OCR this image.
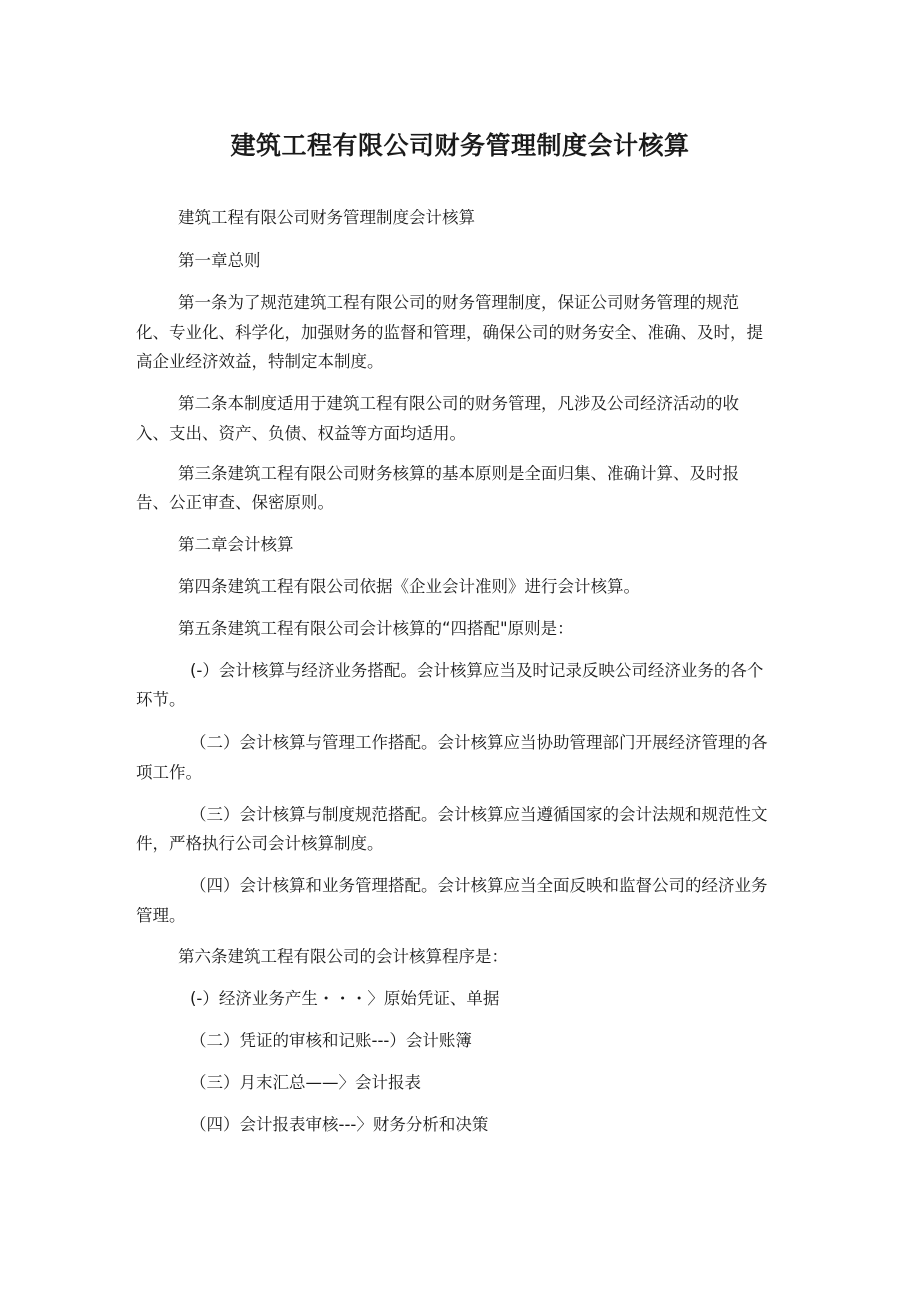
建筑工程有限公司财务管理制度会计核算
建筑工程有限公司财务管理制度会计核算
第一章总则
第一条为了规范建筑工程有限公司的财务管理制度，保证公司财务管理的规范
化、专业化、科学化，加强财务的监督和管理，确保公司的财务安全、准确、及时，提
高企业经济效益，特制定本制度。
第二条本制度适用于建筑工程有限公司的财务管理，凡涉及公司经济活动的收
入、支出、资产、负债、权益等方面均适用。
第三条建筑工程有限公司财务核算的基本原则是全面归集、准确计算、及时报
告、公正审查、保密原则。
第二章会计核算
第四条建筑工程有限公司依据《企业会计准则》进行会计核算。
第五条建筑工程有限公司会计核算的“四搭配"原则是：
(-）会计核算与经济业务搭配。会计核算应当及时记录反映公司经济业务的各个
环节。
（二）会计核算与管理工作搭配。会计核算应当协助管理部门开展经济管理的各
项工作。
（三）会计核算与制度规范搭配。会计核算应当遵循国家的会计法规和规范性文
件，严格执行公司会计核算制度。
（四）会计核算和业务管理搭配。会计核算应当全面反映和监督公司的经济业务
管理。
第六条建筑工程有限公司的会计核算程序是：
(-）经济业务产生・・・〉原始凭证、单据
（二）凭证的审核和记账---）会计账簿
（三）月末汇总——〉会计报表
（四）会计报表审核---〉财务分析和决策
